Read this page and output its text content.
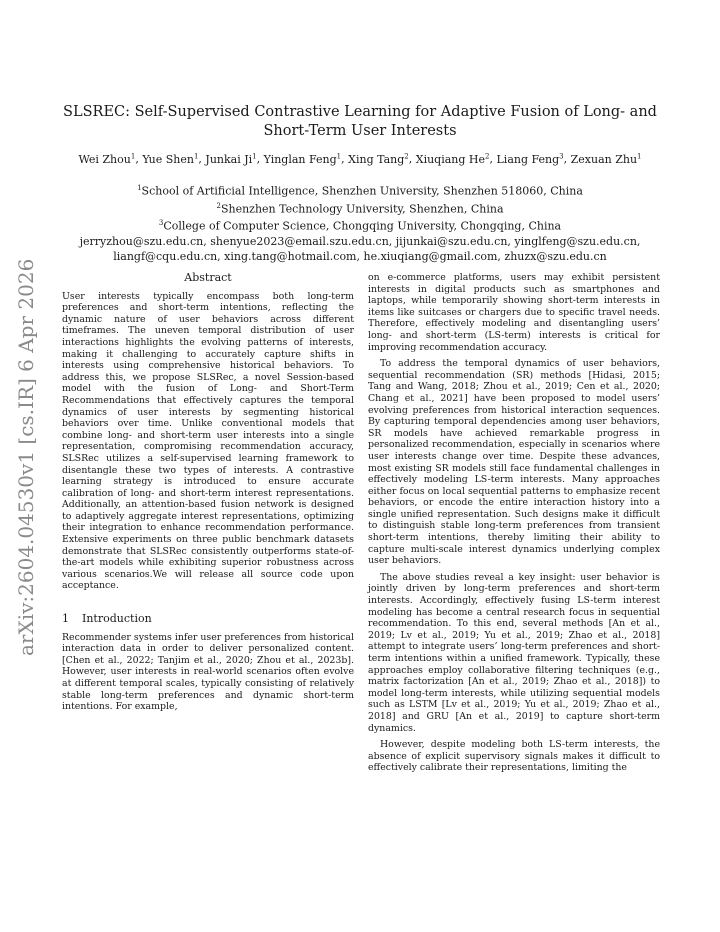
arXiv:2604.04530v1 [cs.IR] 6 Apr 2026
SLSREC: Self-Supervised Contrastive Learning for Adaptive Fusion of Long- and Short-Term User Interests
Wei Zhou$^1$, Yue Shen$^1$, Junkai Ji$^1$, Yinglan Feng$^1$, Xing Tang$^2$, Xiuqiang He$^2$, Liang Feng$^3$, Zexuan Zhu$^1$
$^1$School of Artificial Intelligence, Shenzhen University, Shenzhen 518060, China
$^2$Shenzhen Technology University, Shenzhen, China
$^3$College of Computer Science, Chongqing University, Chongqing, China
jerryzhou@szu.edu.cn, shenyue2023@email.szu.edu.cn, jijunkai@szu.edu.cn, yinglfeng@szu.edu.cn, liangf@cqu.edu.cn, xing.tang@hotmail.com, he.xiuqiang@gmail.com, zhuzx@szu.edu.cn
Abstract

User interests typically encompass both long-term preferences and short-term intentions, reflecting the dynamic nature of user behaviors across different timeframes. The uneven temporal distribution of user interactions highlights the evolving patterns of interests, making it challenging to accurately capture shifts in interests using comprehensive historical behaviors. To address this, we propose SLSRec, a novel Session-based model with the fusion of Long- and Short-Term Recommendations that effectively captures the temporal dynamics of user interests by segmenting historical behaviors over time. Unlike conventional models that combine long- and short-term user interests into a single representation, compromising recommendation accuracy, SLSRec utilizes a self-supervised learning framework to disentangle these two types of interests. A contrastive learning strategy is introduced to ensure accurate calibration of long- and short-term interest representations. Additionally, an attention-based fusion network is designed to adaptively aggregate interest representations, optimizing their integration to enhance recommendation performance. Extensive experiments on three public benchmark datasets demonstrate that SLSRec consistently outperforms state-of-the-art models while exhibiting superior robustness across various scenarios.We will release all source code upon acceptance.

1 Introduction

Recommender systems infer user preferences from historical interaction data in order to deliver personalized content. [Chen et al., 2022; Tanjim et al., 2020; Zhou et al., 2023b]. However, user interests in real-world scenarios often evolve at different temporal scales, typically consisting of relatively stable long-term preferences and dynamic short-term intentions. For example,

on e-commerce platforms, users may exhibit persistent interests in digital products such as smartphones and laptops, while temporarily showing short-term interests in items like suitcases or chargers due to specific travel needs. Therefore, effectively modeling and disentangling users’ long- and short-term (LS-term) interests is critical for improving recommendation accuracy.

To address the temporal dynamics of user behaviors, sequential recommendation (SR) methods [Hidasi, 2015; Tang and Wang, 2018; Zhou et al., 2019; Cen et al., 2020; Chang et al., 2021] have been proposed to model users’ evolving preferences from historical interaction sequences. By capturing temporal dependencies among user behaviors, SR models have achieved remarkable progress in personalized recommendation, especially in scenarios where user interests change over time. Despite these advances, most existing SR models still face fundamental challenges in effectively modeling LS-term interests. Many approaches either focus on local sequential patterns to emphasize recent behaviors, or encode the entire interaction history into a single unified representation. Such designs make it difficult to distinguish stable long-term preferences from transient short-term intentions, thereby limiting their ability to capture multi-scale interest dynamics underlying complex user behaviors.

The above studies reveal a key insight: user behavior is jointly driven by long-term preferences and short-term interests. Accordingly, effectively fusing LS-term interest modeling has become a central research focus in sequential recommendation. To this end, several methods [An et al., 2019; Lv et al., 2019; Yu et al., 2019; Zhao et al., 2018] attempt to integrate users’ long-term preferences and short-term intentions within a unified framework. Typically, these approaches employ collaborative filtering techniques (e.g., matrix factorization [An et al., 2019; Zhao et al., 2018]) to model long-term interests, while utilizing sequential models such as LSTM [Lv et al., 2019; Yu et al., 2019; Zhao et al., 2018] and GRU [An et al., 2019] to capture short-term dynamics.

However, despite modeling both LS-term interests, the absence of explicit supervisory signals makes it difficult to effectively calibrate their representations, limiting the
